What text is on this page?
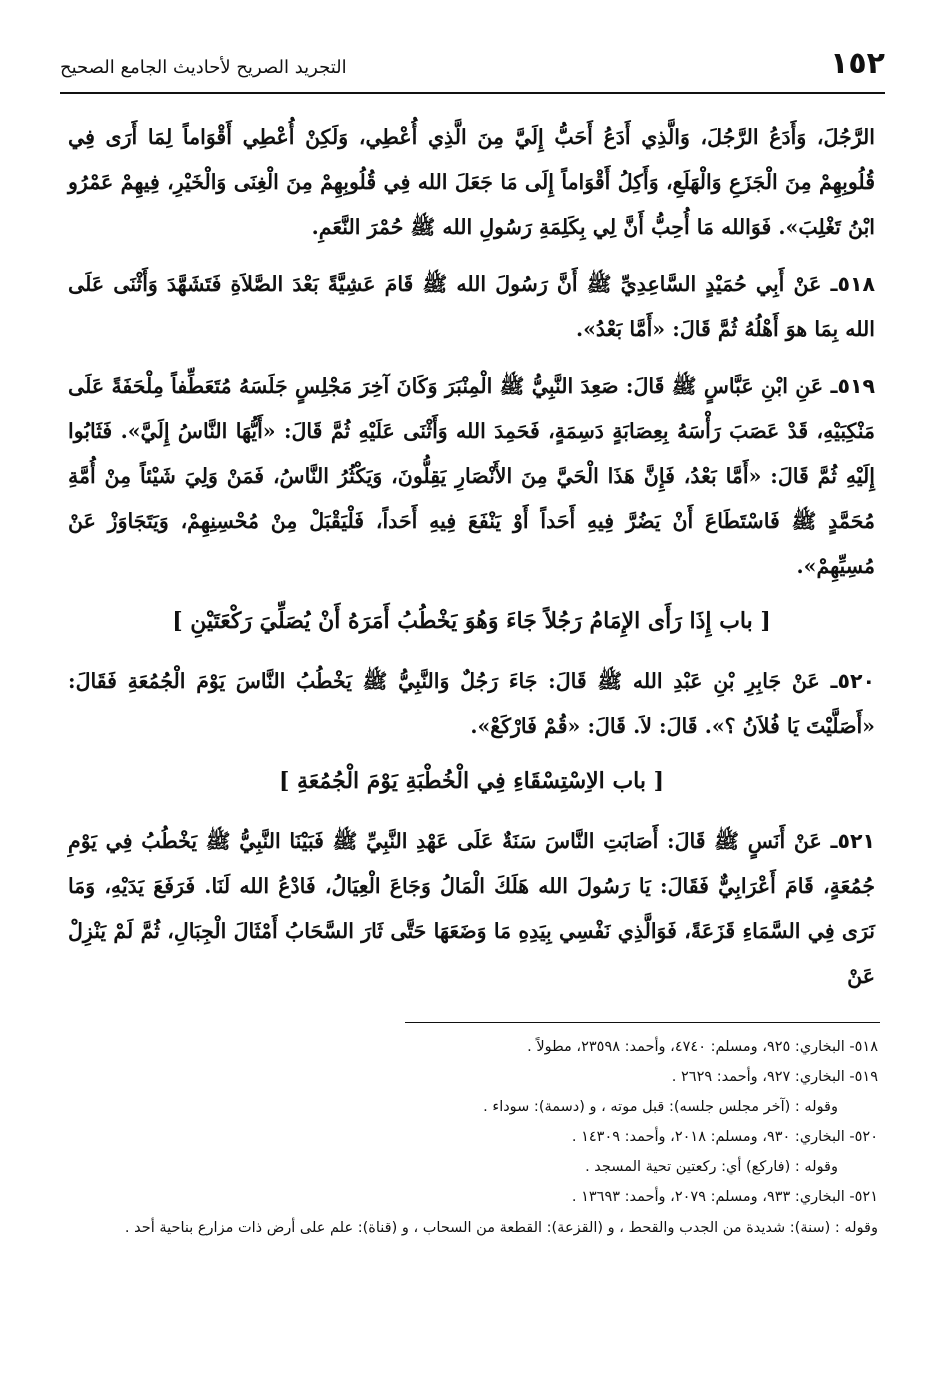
١٥٢
التجريد الصريح لأحاديث الجامع الصحيح

الرَّجُلَ، وَأَدَعُ الرَّجُلَ، وَالَّذِي أَدَعُ أَحَبُّ إِلَيَّ مِنَ الَّذِي أُعْطِي، وَلَكِنْ أُعْطِي أَقْوَاماً لِمَا أَرَى فِي قُلُوبِهِمْ مِنَ الْجَزَعِ وَالْهَلَعِ، وَأَكِلُ أَقْوَاماً إِلَى مَا جَعَلَ الله فِي قُلُوبِهِمْ مِنَ الْغِنَى وَالْخَيْرِ، فِيهِمْ عَمْرُو ابْنُ تَغْلِبَ». فَوَالله مَا أُحِبُّ أَنَّ لِي بِكَلِمَةِ رَسُولِ الله ﷺ حُمْرَ النَّعَمِ.

٥١٨ـ عَنْ أَبِي حُمَيْدٍ السَّاعِدِيِّ ﷺ أَنَّ رَسُولَ الله ﷺ قَامَ عَشِيَّةً بَعْدَ الصَّلاَةِ فَتَشَهَّدَ وَأَثْنَى عَلَى الله بِمَا هوَ أَهْلُهُ ثُمَّ قَالَ: «أَمَّا بَعْدُ».

٥١٩ـ عَنِ ابْنِ عَبَّاسٍ ﷺ قَالَ: صَعِدَ النَّبِيُّ ﷺ الْمِنْبَرَ وَكَانَ آخِرَ مَجْلِسٍ جَلَسَهُ مُتَعَطِّفاً مِلْحَفَةً عَلَى مَنْكِبَيْهِ، قَدْ عَصَبَ رَأْسَهُ بِعِصَابَةٍ دَسِمَةٍ، فَحَمِدَ الله وَأَثْنَى عَلَيْهِ ثُمَّ قَالَ: «أَيُّهَا النَّاسُ إِلَيَّ». فَثَابُوا إِلَيْهِ ثُمَّ قَالَ: «أَمَّا بَعْدُ، فَإِنَّ هَذَا الْحَيَّ مِنَ الأَنْصَارِ يَقِلُّونَ، وَيَكْثُرُ النَّاسُ، فَمَنْ وَلِيَ شَيْئاً مِنْ أُمَّةِ مُحَمَّدٍ ﷺ فَاسْتَطَاعَ أَنْ يَضُرَّ فِيهِ أَحَداً أَوْ يَنْفَعَ فِيهِ أَحَداً، فَلْيَقْبَلْ مِنْ مُحْسِنِهِمْ، وَيَتَجَاوَزْ عَنْ مُسِيِّهِمْ».

[ باب إِذَا رَأَى الإِمَامُ رَجُلاً جَاءَ وَهُوَ يَخْطُبُ أَمَرَهُ أَنْ يُصَلِّيَ رَكْعَتَيْنِ ]

٥٢٠ـ عَنْ جَابِرِ بْنِ عَبْدِ الله ﷺ قَالَ: جَاءَ رَجُلٌ وَالنَّبِيُّ ﷺ يَخْطُبُ النَّاسَ يَوْمَ الْجُمُعَةِ فَقَالَ: «أَصَلَّيْتَ يَا فُلاَنُ ؟». قَالَ: لاَ. قَالَ: «قُمْ فَارْكَعْ».

[ باب الاِسْتِسْقَاءِ فِي الْخُطْبَةِ يَوْمَ الْجُمُعَةِ ]

٥٢١ـ عَنْ أَنَسٍ ﷺ قَالَ: أَصَابَتِ النَّاسَ سَنَةٌ عَلَى عَهْدِ النَّبِيِّ ﷺ فَبَيْنَا النَّبِيُّ ﷺ يَخْطُبُ فِي يَوْمِ جُمُعَةٍ، قَامَ أَعْرَابِيٌّ فَقَالَ: يَا رَسُولَ الله هَلَكَ الْمَالُ وَجَاعَ الْعِيَالُ، فَادْعُ الله لَنَا. فَرَفَعَ يَدَيْهِ، وَمَا نَرَى فِي السَّمَاءِ قَزَعَةً، فَوَالَّذِي نَفْسِي بِيَدِهِ مَا وَضَعَهَا حَتَّى ثَارَ السَّحَابُ أَمْثَالَ الْجِبَالِ، ثُمَّ لَمْ يَنْزِلْ عَنْ

٥١٨- البخاري: ٩٢٥، ومسلم: ٤٧٤٠، وأحمد: ٢٣٥٩٨، مطولاً .

٥١٩- البخاري: ٩٢٧، وأحمد: ٢٦٢٩ .

وقوله : (آخر مجلس جلسه): قبل موته ، و (دسمة): سوداء .

٥٢٠- البخاري: ٩٣٠، ومسلم: ٢٠١٨، وأحمد: ١٤٣٠٩ .

وقوله : (فاركع) أي: ركعتين تحية المسجد .

٥٢١- البخاري: ٩٣٣، ومسلم: ٢٠٧٩، وأحمد: ١٣٦٩٣ .

وقوله : (سنة): شديدة من الجدب والقحط ، و (القزعة): القطعة من السحاب ، و (قناة): علم على أرض ذات مزارع بناحية أحد .
